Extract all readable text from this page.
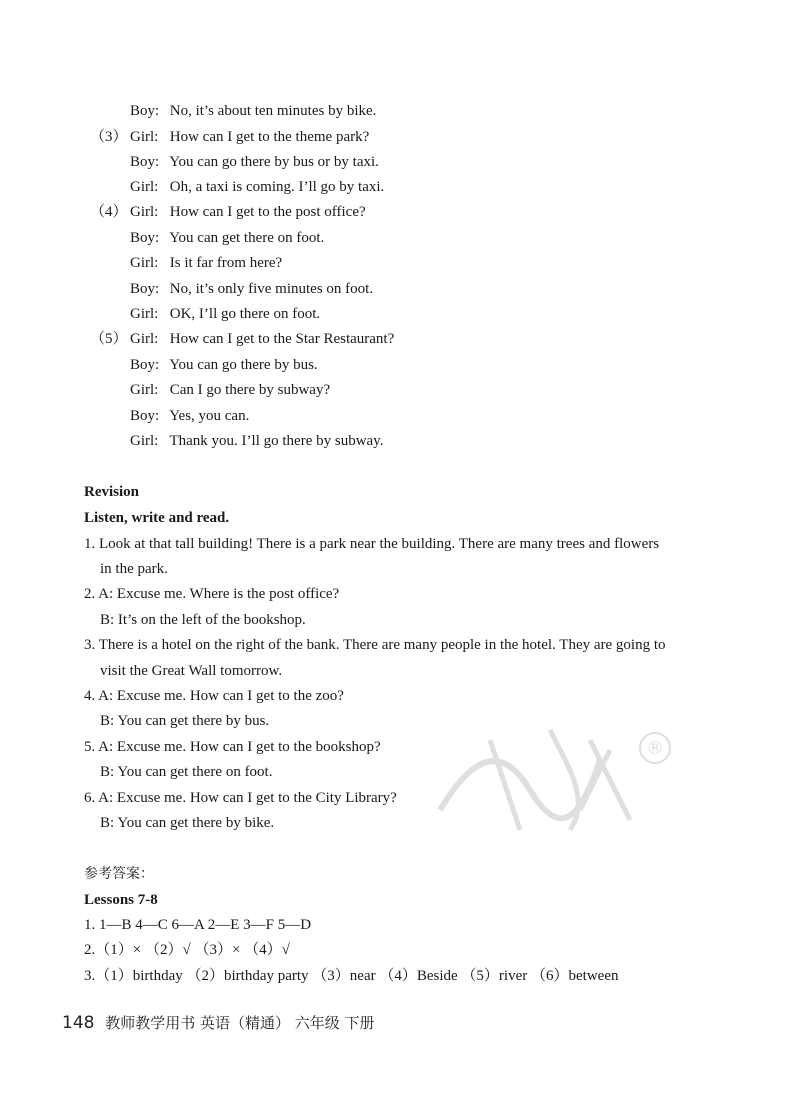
Boy: No, it’s about ten minutes by bike.
（3） Girl: How can I get to the theme park?
Boy: You can go there by bus or by taxi.
Girl: Oh, a taxi is coming. I’ll go by taxi.
（4） Girl: How can I get to the post office?
Boy: You can get there on foot.
Girl: Is it far from here?
Boy: No, it’s only five minutes on foot.
Girl: OK, I’ll go there on foot.
（5） Girl: How can I get to the Star Restaurant?
Boy: You can go there by bus.
Girl: Can I go there by subway?
Boy: Yes, you can.
Girl: Thank you. I’ll go there by subway.
Revision
Listen, write and read.
1. Look at that tall building! There is a park near the building. There are many trees and flowers
in the park.
2. A: Excuse me. Where is the post office?
B: It’s on the left of the bookshop.
3. There is a hotel on the right of the bank. There are many people in the hotel. They are going to
visit the Great Wall tomorrow.
4. A: Excuse me. How can I get to the zoo?
B: You can get there by bus.
5. A: Excuse me. How can I get to the bookshop?
B: You can get there on foot.
6. A: Excuse me. How can I get to the City Library?
B: You can get there by bike.
®
参考答案：
Lessons 7-8
1. 1—B 4—C 6—A 2—E 3—F 5—D
2.（1）× （2）√ （3）× （4）√
3.（1）birthday （2）birthday party （3）near （4）Beside （5）river （6）between
148 教师教学用书 英语（精通） 六年级 下册
